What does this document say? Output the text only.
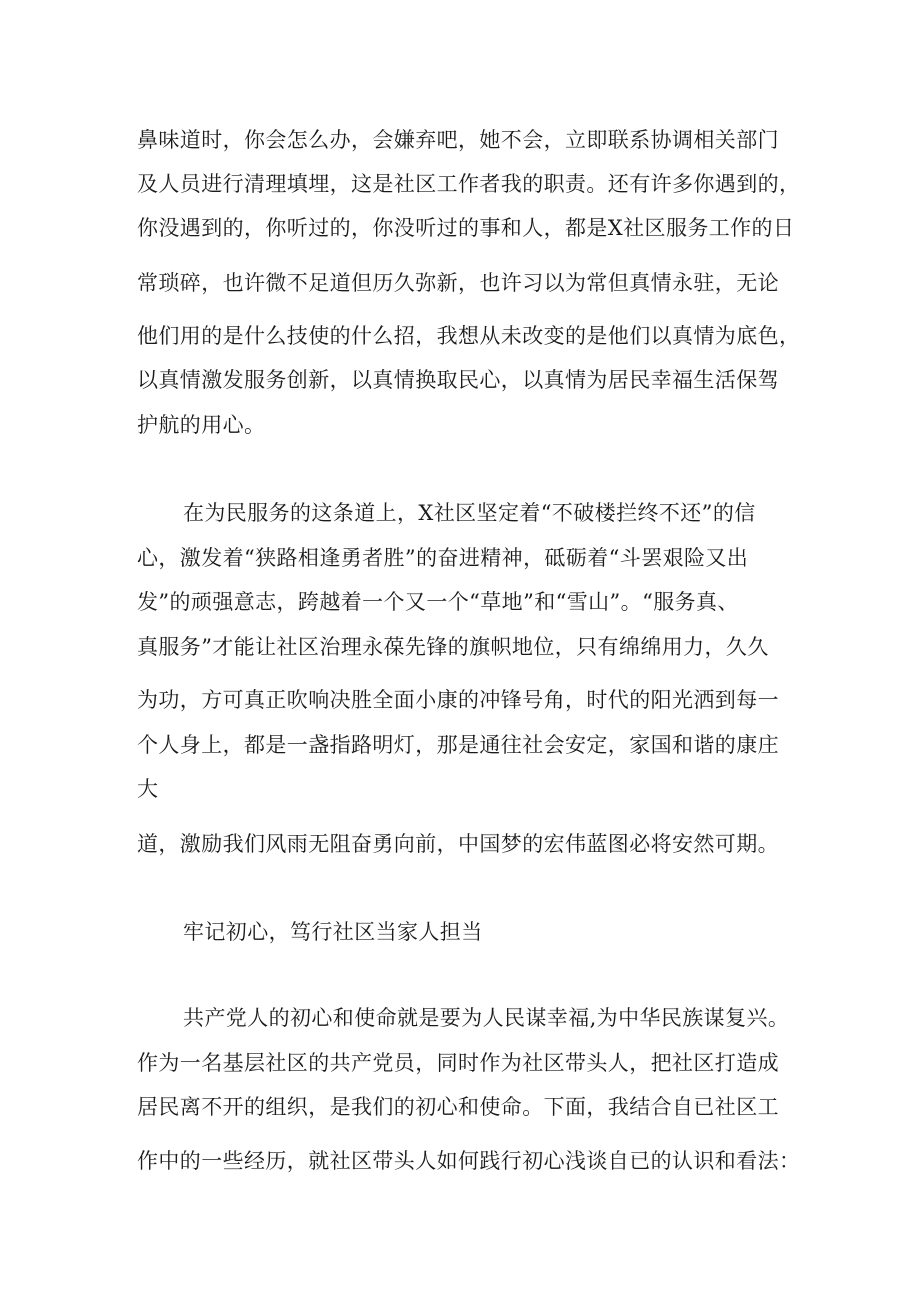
鼻味道时，你会怎么办，会嫌弃吧，她不会，立即联系协调相关部门
及人员进行清理填埋，这是社区工作者我的职责。还有许多你遇到的，
你没遇到的，你听过的，你没听过的事和人，都是X社区服务工作的日
常琐碎，也许微不足道但历久弥新，也许习以为常但真情永驻，无论
他们用的是什么技使的什么招，我想从未改变的是他们以真情为底色，
以真情激发服务创新，以真情换取民心，以真情为居民幸福生活保驾
护航的用心。
在为民服务的这条道上，X社区坚定着“不破楼拦终不还”的信
心，激发着“狭路相逢勇者胜”的奋进精神，砥砺着“斗罢艰险又出
发”的顽强意志，跨越着一个又一个“草地”和“雪山”。“服务真、
真服务”才能让社区治理永葆先锋的旗帜地位，只有绵绵用力，久久
为功，方可真正吹响决胜全面小康的冲锋号角，时代的阳光洒到每一
个人身上，都是一盏指路明灯，那是通往社会安定，家国和谐的康庄
大
道，激励我们风雨无阻奋勇向前，中国梦的宏伟蓝图必将安然可期。
牢记初心，笃行社区当家人担当
共产党人的初心和使命就是要为人民谋幸福,为中华民族谋复兴。
作为一名基层社区的共产党员，同时作为社区带头人，把社区打造成
居民离不开的组织，是我们的初心和使命。下面，我结合自已社区工
作中的一些经历，就社区带头人如何践行初心浅谈自已的认识和看法：
